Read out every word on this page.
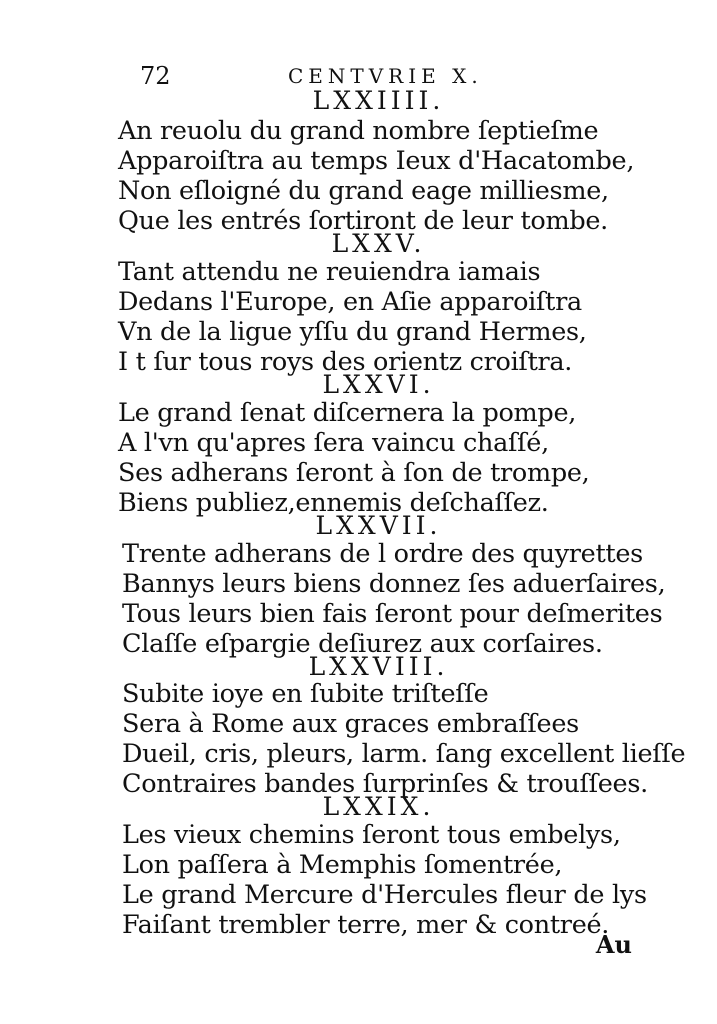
72	CENTVRIE X.
LXXIIII.
An reuolu du grand nombre ſeptieſme
Apparoiſtra au temps Ieux d'Hacatombe,
Non eſloigné du grand eage milliesme,
Que les entrés ſortiront de leur tombe.
LXXV.
Tant attendu ne reuiendra iamais
Dedans l'Europe, en Aſie apparoiſtra
Vn de la ligue yſſu du grand Hermes,
I t ſur tous roys des orientz croiſtra.
LXXVI.
Le grand ſenat diſcernera la pompe,
A l'vn qu'apres ſera vaincu chaſſé,
Ses adherans ſeront à ſon de trompe,
Biens publiez,ennemis deſchaſſez.
LXXVII.
Trente adherans de l ordre des quyrettes
Bannys leurs biens donnez ſes aduerſaires,
Tous leurs bien fais ſeront pour deſmerites
Claſſe eſpargie deſiurez aux corſaires.
LXXVIII.
Subite ioye en ſubite triſteſſe
Sera à Rome aux graces embraſſees
Dueil, cris, pleurs, larm. ſang excellent lieſſe
Contraires bandes ſurprinſes & trouſſees.
LXXIX.
Les vieux chemins ſeront tous embelys,
Lon paſſera à Memphis ſomentrée,
Le grand Mercure d'Hercules fleur de lys
Faiſant trembler terre, mer & contreé.
Au
